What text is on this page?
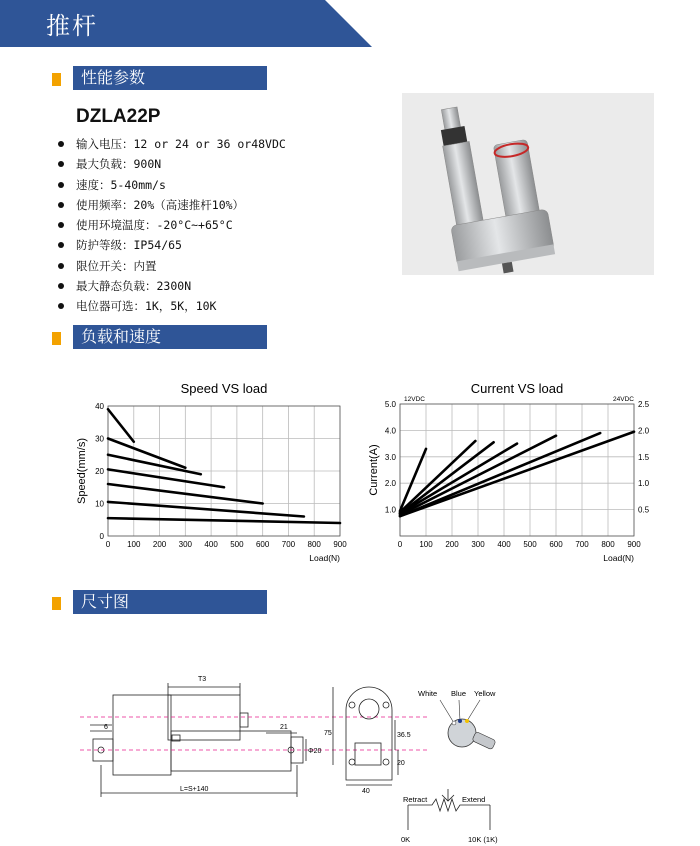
推杆
性能参数
DZLA22P
输入电压：12 or 24 or 36 or48VDC
最大负载：900N
速度：5-40mm/s
使用频率：20%（高速推杆10%）
使用环境温度：-20°C~+65°C
防护等级：IP54/65
限位开关：内置
最大静态负载：2300N
电位器可选：1K，5K，10K
负载和速度
Speed VS load
0 100 200 300 400 500 600 700 800 900
0
10
20
30
40
Load(N)
Speed(mm/s)
Current VS load
0 100 200 300 400 500 600 700 800 900
1.0
2.0
3.0
4.0
5.0
0.5
1.0
1.5
2.0
2.5
Load(N)
Current(A)
12VDC	24VDC
尺寸图
T3
6	21
Φ20
L=S+140
75	36.5
20
40
White Blue Yellow
Retract	Extend
0K	10K (1K)
